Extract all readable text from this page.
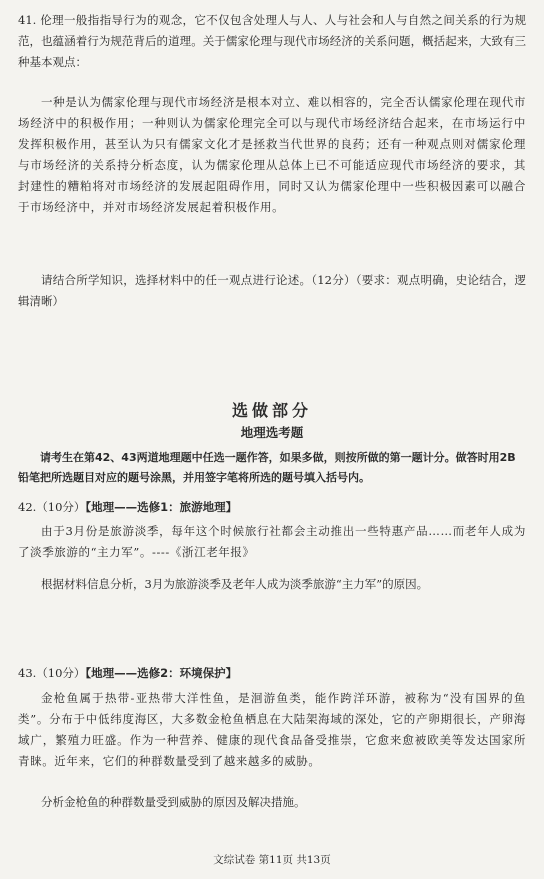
41. 伦理一般指指导行为的观念，它不仅包含处理人与人、人与社会和人与自然之间关系的行为规范，也蕴涵着行为规范背后的道理。关于儒家伦理与现代市场经济的关系问题，概括起来，大致有三种基本观点：

一种是认为儒家伦理与现代市场经济是根本对立、难以相容的，完全否认儒家伦理在现代市场经济中的积极作用；一种则认为儒家伦理完全可以与现代市场经济结合起来，在市场运行中发挥积极作用，甚至认为只有儒家文化才是拯救当代世界的良药；还有一种观点则对儒家伦理与市场经济的关系持分析态度，认为儒家伦理从总体上已不可能适应现代市场经济的要求，其封建性的糟粕将对市场经济的发展起阻碍作用，同时又认为儒家伦理中一些积极因素可以融合于市场经济中，并对市场经济发展起着积极作用。

请结合所学知识，选择材料中的任一观点进行论述。（12分）（要求：观点明确，史论结合，逻辑清晰）

选做部分
地理选考题

请考生在第42、43两道地理题中任选一题作答，如果多做，则按所做的第一题计分。做答时用2B铅笔把所选题目对应的题号涂黑，并用签字笔将所选的题号填入括号内。

42.（10分）【地理——选修1：旅游地理】

由于3月份是旅游淡季，每年这个时候旅行社都会主动推出一些特惠产品……而老年人成为了淡季旅游的“主力军”。----《浙江老年报》

根据材料信息分析，3月为旅游淡季及老年人成为淡季旅游“主力军”的原因。

43.（10分）【地理——选修2：环境保护】

金枪鱼属于热带-亚热带大洋性鱼，是洄游鱼类，能作跨洋环游，被称为“没有国界的鱼类”。分布于中低纬度海区，大多数金枪鱼栖息在大陆架海域的深处，它的产卵期很长，产卵海域广，繁殖力旺盛。作为一种营养、健康的现代食品备受推崇，它愈来愈被欧美等发达国家所青睐。近年来，它们的种群数量受到了越来越多的威胁。

分析金枪鱼的种群数量受到威胁的原因及解决措施。

文综试卷 第11页 共13页
